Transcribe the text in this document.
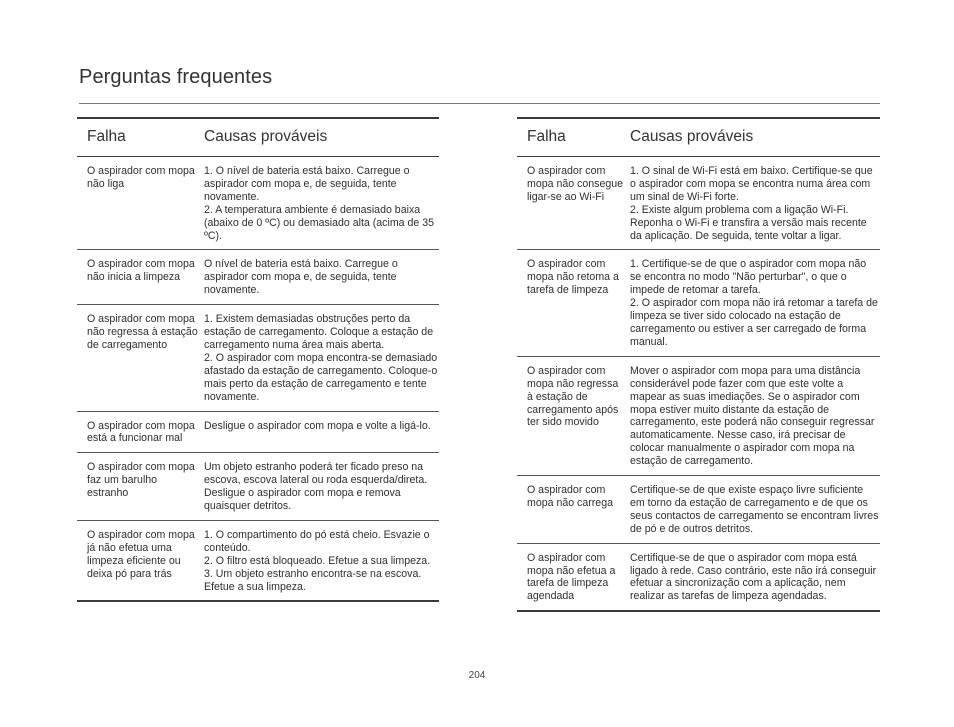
Perguntas frequentes
Falha	Causas prováveis
O aspirador com mopa não liga	1. O nível de bateria está baixo. Carregue o aspirador com mopa e, de seguida, tente novamente.
2. A temperatura ambiente é demasiado baixa (abaixo de 0 ºC) ou demasiado alta (acima de 35 ºC).
O aspirador com mopa não inicia a limpeza	O nível de bateria está baixo. Carregue o aspirador com mopa e, de seguida, tente novamente.
O aspirador com mopa não regressa à estação de carregamento	1. Existem demasiadas obstruções perto da estação de carregamento. Coloque a estação de carregamento numa área mais aberta.
2. O aspirador com mopa encontra-se demasiado afastado da estação de carregamento. Coloque-o mais perto da estação de carregamento e tente novamente.
O aspirador com mopa está a funcionar mal	Desligue o aspirador com mopa e volte a ligá-lo.
O aspirador com mopa faz um barulho estranho	Um objeto estranho poderá ter ficado preso na escova, escova lateral ou roda esquerda/direta. Desligue o aspirador com mopa e remova quaisquer detritos.
O aspirador com mopa já não efetua uma limpeza eficiente ou deixa pó para trás	1. O compartimento do pó está cheio. Esvazie o conteúdo.
2. O filtro está bloqueado. Efetue a sua limpeza.
3. Um objeto estranho encontra-se na escova. Efetue a sua limpeza.
Falha	Causas prováveis
O aspirador com mopa não consegue ligar-se ao Wi-Fi	1. O sinal de Wi-Fi está em baixo. Certifique-se que o aspirador com mopa se encontra numa área com um sinal de Wi-Fi forte.
2. Existe algum problema com a ligação Wi-Fi. Reponha o Wi-Fi e transfira a versão mais recente da aplicação. De seguida, tente voltar a ligar.
O aspirador com mopa não retoma a tarefa de limpeza	1. Certifique-se de que o aspirador com mopa não se encontra no modo "Não perturbar", o que o impede de retomar a tarefa.
2. O aspirador com mopa não irá retomar a tarefa de limpeza se tiver sido colocado na estação de carregamento ou estiver a ser carregado de forma manual.
O aspirador com mopa não regressa à estação de carregamento após ter sido movido	Mover o aspirador com mopa para uma distância considerável pode fazer com que este volte a mapear as suas imediações. Se o aspirador com mopa estiver muito distante da estação de carregamento, este poderá não conseguir regressar automaticamente. Nesse caso, irá precisar de colocar manualmente o aspirador com mopa na estação de carregamento.
O aspirador com mopa não carrega	Certifique-se de que existe espaço livre suficiente em torno da estação de carregamento e de que os seus contactos de carregamento se encontram livres de pó e de outros detritos.
O aspirador com mopa não efetua a tarefa de limpeza agendada	Certifique-se de que o aspirador com mopa está ligado à rede. Caso contrário, este não irá conseguir efetuar a sincronização com a aplicação, nem realizar as tarefas de limpeza agendadas.
204
